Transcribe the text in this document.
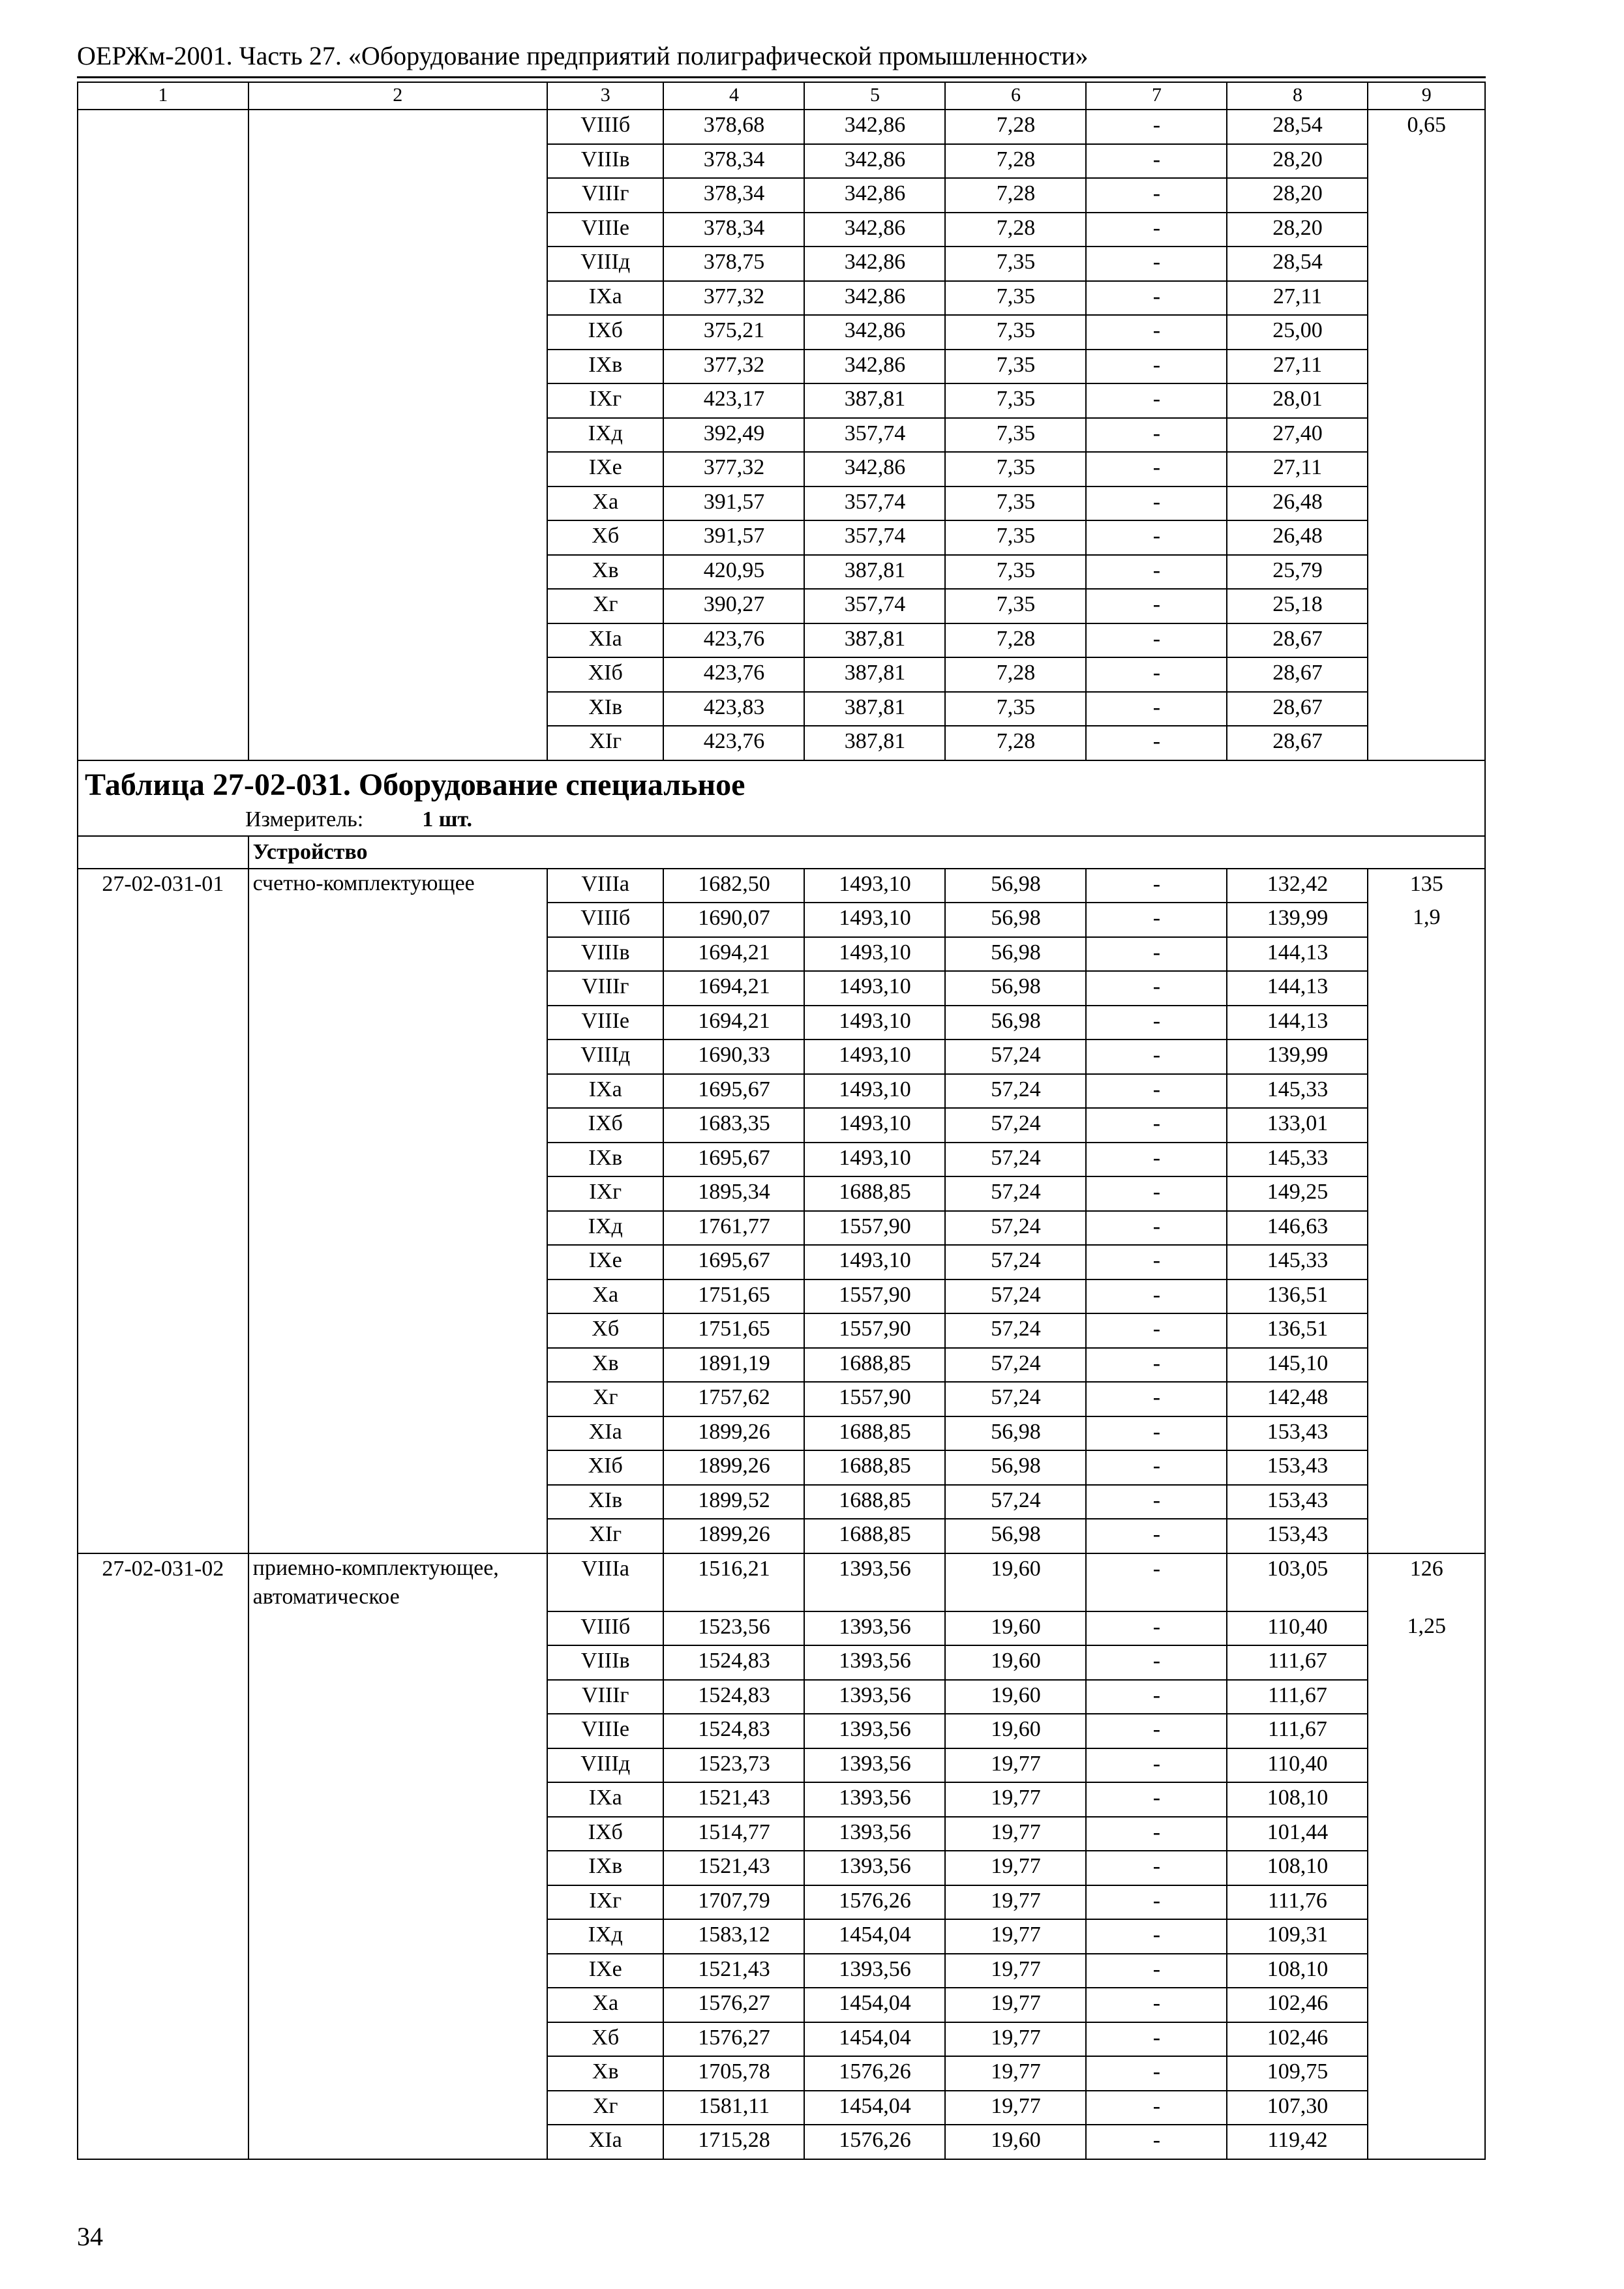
ОЕРЖм-2001. Часть 27. «Оборудование предприятий полиграфической промышленности»
1	2	3	4	5	6	7	8	9
		VIIIб	378,68	342,86	7,28	-	28,54	0,65
		VIIIв	378,34	342,86	7,28	-	28,20	
		VIIIг	378,34	342,86	7,28	-	28,20	
		VIIIе	378,34	342,86	7,28	-	28,20	
		VIIIд	378,75	342,86	7,35	-	28,54	
		IXа	377,32	342,86	7,35	-	27,11	
		IXб	375,21	342,86	7,35	-	25,00	
		IXв	377,32	342,86	7,35	-	27,11	
		IXг	423,17	387,81	7,35	-	28,01	
		IXд	392,49	357,74	7,35	-	27,40	
		IXе	377,32	342,86	7,35	-	27,11	
		Xа	391,57	357,74	7,35	-	26,48	
		Xб	391,57	357,74	7,35	-	26,48	
		Xв	420,95	387,81	7,35	-	25,79	
		Xг	390,27	357,74	7,35	-	25,18	
		XIа	423,76	387,81	7,28	-	28,67	
		XIб	423,76	387,81	7,28	-	28,67	
		XIв	423,83	387,81	7,35	-	28,67	
		XIг	423,76	387,81	7,28	-	28,67	

Таблица 27-02-031. Оборудование специальное
Измеритель: 1 шт.								

	Устройство							
27-02-031-01	счетно-комплектующее	VIIIа	1682,50	1493,10	56,98	-	132,42	135
		VIIIб	1690,07	1493,10	56,98	-	139,99	1,9
		VIIIв	1694,21	1493,10	56,98	-	144,13	
		VIIIг	1694,21	1493,10	56,98	-	144,13	
		VIIIе	1694,21	1493,10	56,98	-	144,13	
		VIIIд	1690,33	1493,10	57,24	-	139,99	
		IXа	1695,67	1493,10	57,24	-	145,33	
		IXб	1683,35	1493,10	57,24	-	133,01	
		IXв	1695,67	1493,10	57,24	-	145,33	
		IXг	1895,34	1688,85	57,24	-	149,25	
		IXд	1761,77	1557,90	57,24	-	146,63	
		IXе	1695,67	1493,10	57,24	-	145,33	
		Xа	1751,65	1557,90	57,24	-	136,51	
		Xб	1751,65	1557,90	57,24	-	136,51	
		Xв	1891,19	1688,85	57,24	-	145,10	
		Xг	1757,62	1557,90	57,24	-	142,48	
		XIа	1899,26	1688,85	56,98	-	153,43	
		XIб	1899,26	1688,85	56,98	-	153,43	
		XIв	1899,52	1688,85	57,24	-	153,43	
		XIг	1899,26	1688,85	56,98	-	153,43	
27-02-031-02	приемно-комплектующее, автоматическое	VIIIа	1516,21	1393,56	19,60	-	103,05	126
		VIIIб	1523,56	1393,56	19,60	-	110,40	1,25
		VIIIв	1524,83	1393,56	19,60	-	111,67	
		VIIIг	1524,83	1393,56	19,60	-	111,67	
		VIIIе	1524,83	1393,56	19,60	-	111,67	
		VIIIд	1523,73	1393,56	19,77	-	110,40	
		IXа	1521,43	1393,56	19,77	-	108,10	
		IXб	1514,77	1393,56	19,77	-	101,44	
		IXв	1521,43	1393,56	19,77	-	108,10	
		IXг	1707,79	1576,26	19,77	-	111,76	
		IXд	1583,12	1454,04	19,77	-	109,31	
		IXе	1521,43	1393,56	19,77	-	108,10	
		Xа	1576,27	1454,04	19,77	-	102,46	
		Xб	1576,27	1454,04	19,77	-	102,46	
		Xв	1705,78	1576,26	19,77	-	109,75	
		Xг	1581,11	1454,04	19,77	-	107,30	
		XIа	1715,28	1576,26	19,60	-	119,42	
34
